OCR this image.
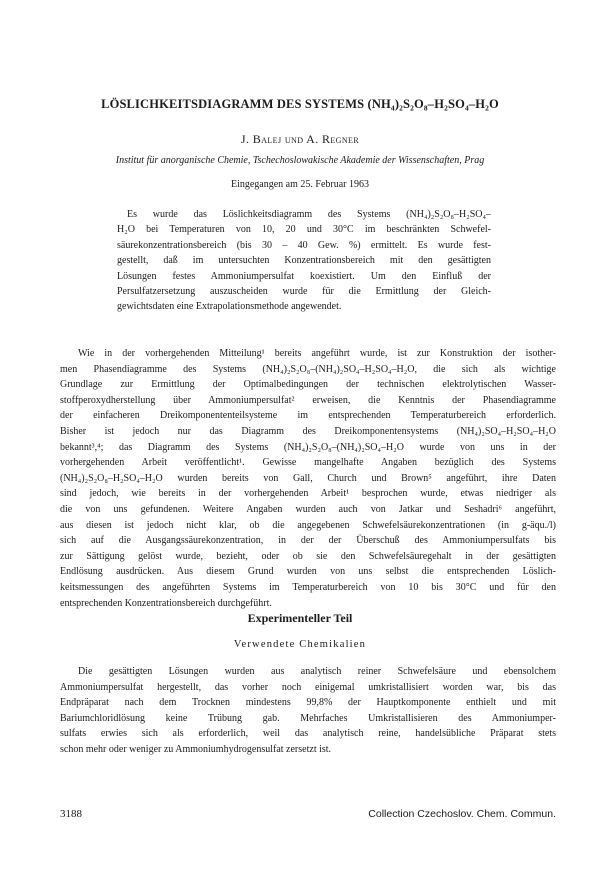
LÖSLICHKEITSDIAGRAMM DES SYSTEMS (NH₄)₂S₂O₈–H₂SO₄–H₂O
J. Balej und A. Regner
Institut für anorganische Chemie, Tschechoslowakische Akademie der Wissenschaften, Prag
Eingegangen am 25. Februar 1963
Es wurde das Löslichkeitsdiagramm des Systems (NH₄)₂S₂O₈–H₂SO₄–
H₂O bei Temperaturen von 10, 20 und 30°C im beschränkten Schwefel-
säurekonzentrationsbereich (bis 30 – 40 Gew. %) ermittelt. Es wurde fest-
gestellt, daß im untersuchten Konzentrationsbereich mit den gesättigten
Lösungen festes Ammoniumpersulfat koexistiert. Um den Einfluß der
Persulfatzersetzung auszuscheiden wurde für die Ermittlung der Gleich-
gewichtsdaten eine Extrapolationsmethode angewendet.
Wie in der vorhergehenden Mitteilung¹ bereits angeführt wurde, ist zur Konstruktion der isother-
men Phasendiagramme des Systems (NH₄)₂S₂O₈–(NH₄)₂SO₄–H₂SO₄–H₂O, die sich als wichtige
Grundlage zur Ermittlung der Optimalbedingungen der technischen elektrolytischen Wasser-
stoffperoxydherstellung über Ammoniumpersulfat² erweisen, die Kenntnis der Phasendiagramme
der einfacheren Dreikomponententeilsysteme im entsprechenden Temperaturbereich erforderlich.
Bisher ist jedoch nur das Diagramm des Dreikomponentensystems (NH₄)₂SO₄–H₂SO₄–H₂O
bekannt³,⁴; das Diagramm des Systems (NH₄)₂S₂O₈–(NH₄)₂SO₄–H₂O wurde von uns in der
vorhergehenden Arbeit veröffentlicht¹. Gewisse mangelhafte Angaben bezüglich des Systems
(NH₄)₂S₂O₈–H₂SO₄–H₂O wurden bereits von Gall, Church und Brown⁵ angeführt, ihre Daten
sind jedoch, wie bereits in der vorhergehenden Arbeit¹ besprochen wurde, etwas niedriger als
die von uns gefundenen. Weitere Angaben wurden auch von Jatkar und Seshadri⁶ angeführt,
aus diesen ist jedoch nicht klar, ob die angegebenen Schwefelsäurekonzentrationen (in g-äqu./l)
sich auf die Ausgangssäurekonzentration, in der der Überschuß des Ammoniumpersulfats bis
zur Sättigung gelöst wurde, bezieht, oder ob sie den Schwefelsäuregehalt in der gesättigten
Endlösung ausdrücken. Aus diesem Grund wurden von uns selbst die entsprechenden Löslich-
keitsmessungen des angeführten Systems im Temperaturbereich von 10 bis 30°C und für den
entsprechenden Konzentrationsbereich durchgeführt.
Experimenteller Teil
Verwendete Chemikalien
Die gesättigten Lösungen wurden aus analytisch reiner Schwefelsäure und ebensolchem
Ammoniumpersulfat hergestellt, das vorher noch einigemal umkristallisiert worden war, bis das
Endpräparat nach dem Trocknen mindestens 99,8% der Hauptkomponente enthielt und mit
Bariumchloridlösung keine Trübung gab. Mehrfaches Umkristallisieren des Ammoniumper-
sulfats erwies sich als erforderlich, weil das analytisch reine, handelsübliche Präparat stets
schon mehr oder weniger zu Ammoniumhydrogensulfat zersetzt ist.
3188	Collection Czechoslov. Chem. Commun.
